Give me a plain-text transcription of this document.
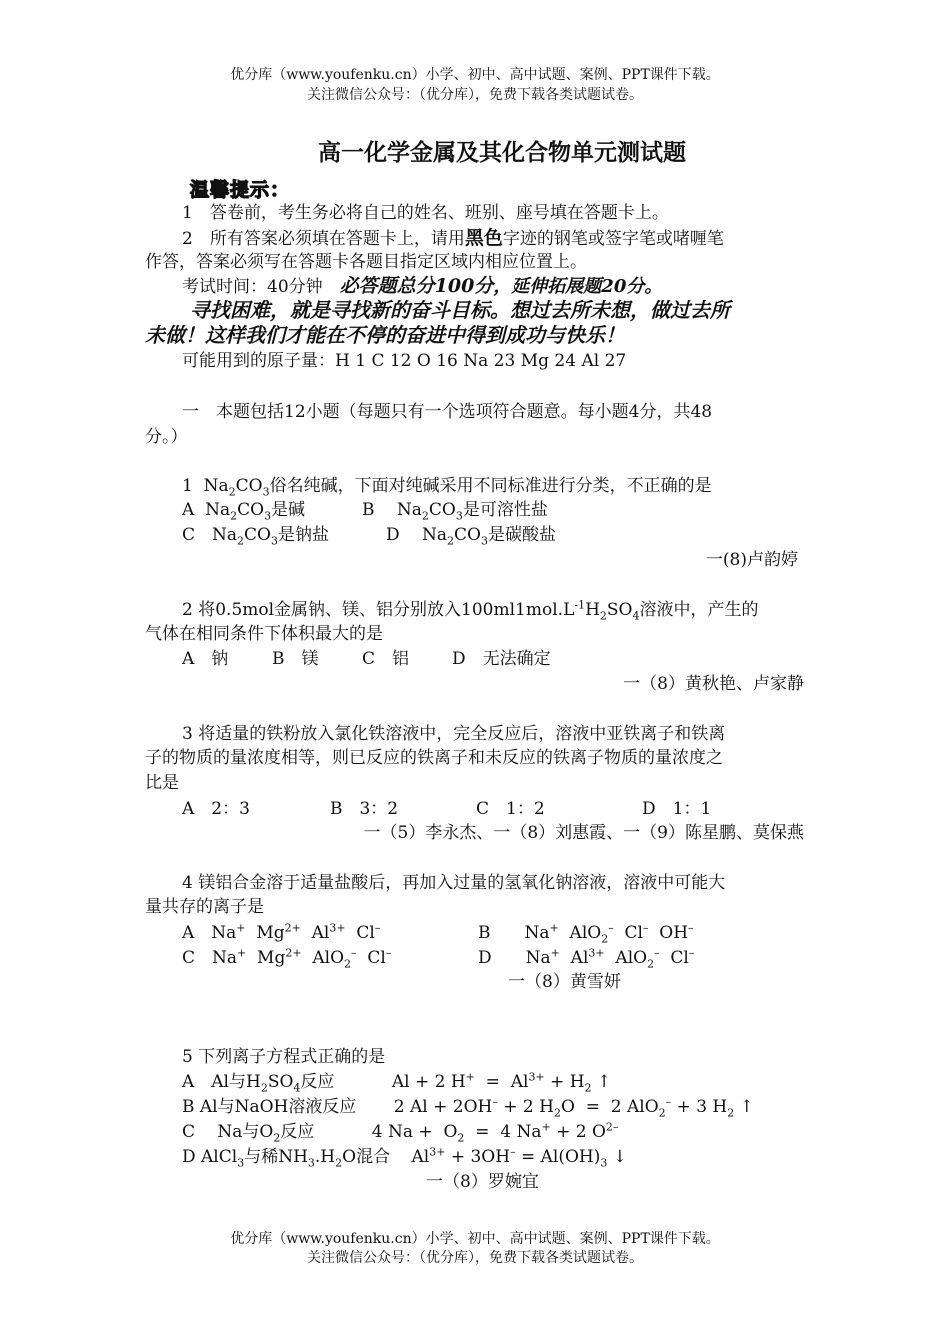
优分库（www.youfenku.cn）小学、初中、高中试题、案例、PPT课件下载。
关注微信公众号：（优分库），免费下载各类试题试卷。
高一化学金属及其化合物单元测试题
温馨提示：
1　答卷前，考生务必将自己的姓名、班别、座号填在答题卡上。
2　所有答案必须填在答题卡上，请用黑色字迹的钢笔或签字笔或啫喱笔
作答，答案必须写在答题卡各题目指定区域内相应位置上。
考试时间：40分钟　必答题总分100分，延伸拓展题20分。
寻找困难，就是寻找新的奋斗目标。想过去所未想，做过去所
未做！这样我们才能在不停的奋进中得到成功与快乐！
可能用到的原子量：H 1 C 12 O 16 Na 23 Mg 24 Al 27
一　本题包括12小题（每题只有一个选项符合题意。每小题4分，共48
分。）
1  $Na_2CO_3$俗名纯碱，下面对纯碱采用不同标准进行分类，不正确的是
A  $Na_2CO_3$是碱	B　 $Na_2CO_3$是可溶性盐
C　$Na_2CO_3$是钠盐	D　 $Na_2CO_3$是碳酸盐
一(8)卢韵婷
2 将0.5mol金属钠、镁、铝分别放入$100ml1mol.L^{-1}H_2SO_4$溶液中，产生的
气体在相同条件下体积最大的是
A　钠	B　镁	C　铝	D　无法确定
一（8）黄秋艳、卢家静
3 将适量的铁粉放入氯化铁溶液中，完全反应后，溶液中亚铁离子和铁离
子的物质的量浓度相等，则已反应的铁离子和未反应的铁离子物质的量浓度之
比是
A　2：3	B　3：2	C　1：2	D　1：1
一（5）李永杰、一（8）刘惠霞、一（9）陈星鹏、莫保燕
4 镁铝合金溶于适量盐酸后，再加入过量的氢氧化钠溶液，溶液中可能大
量共存的离子是
A　Na+  $Mg^{2+}$  $Al^{3+}$  Cl–	B　　Na+  AlO$_2$–  Cl–  OH–
C　Na+  $Mg^{2+}$  AlO$_2$–  Cl–	D　　Na+  $Al^{3+}$  AlO$_2$–  Cl–
一（8）黄雪妍
5 下列离子方程式正确的是
A　Al与$H_2SO_4$反应	Al + 2 $H^+ = Al^{3+} + H_2$ ↑
B Al与NaOH溶液反应 2 Al + 2OH– + 2 $H_2O = 2$ AlO$_2$– + 3 $H_2$ ↑
C　 Na与$O_2$反应	4 $Na + O_2 = 4$ Na+ + 2 $O^{2-}$
D AlCl$_3$与稀$NH_3.H_2O$混合 $Al^{3+} + 3OH^- = Al(OH)_3$ ↓
一（8）罗婉宜
优分库（www.youfenku.cn）小学、初中、高中试题、案例、PPT课件下载。
关注微信公众号：（优分库），免费下载各类试题试卷。
